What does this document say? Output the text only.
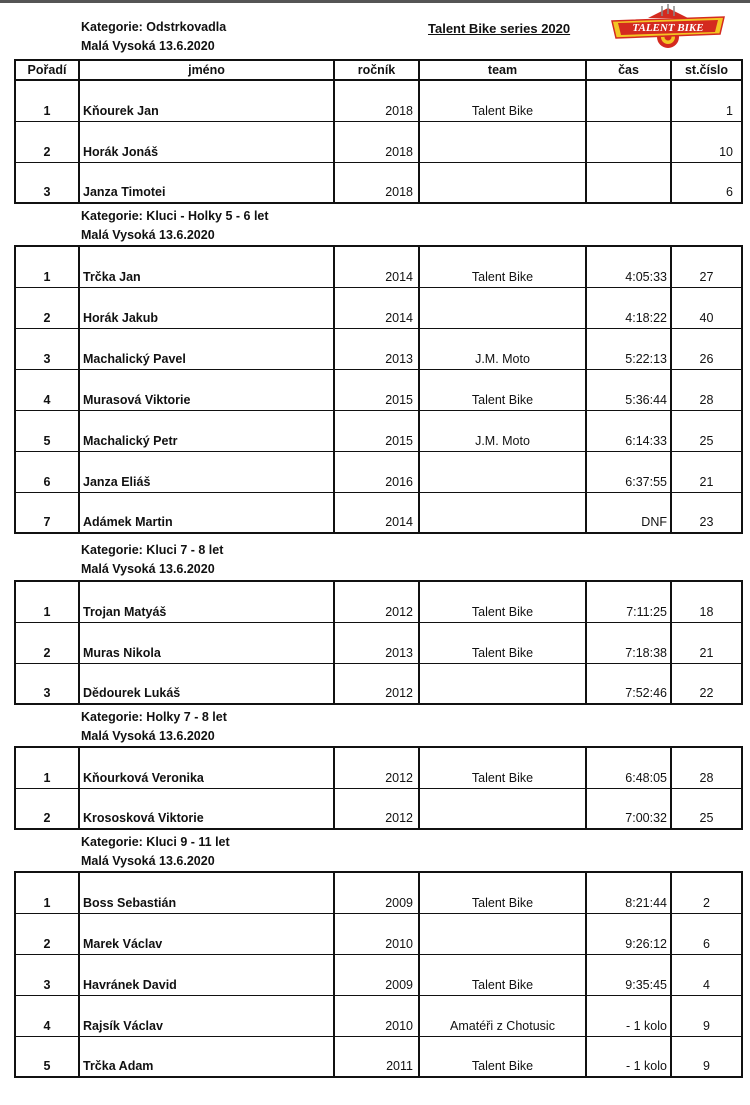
Talent Bike series 2020	TALENT BIKE
Kategorie: Odstrkovadla
Malá Vysoká 13.6.2020
Pořadí	jméno	ročník	team	čas	st.číslo
1	Kňourek Jan	2018	Talent Bike		1
2	Horák Jonáš	2018			10
3	Janza Timotei	2018			6
Kategorie: Kluci - Holky 5 - 6 let
Malá Vysoká 13.6.2020
1	Trčka Jan	2014	Talent Bike	4:05:33	27
2	Horák Jakub	2014		4:18:22	40
3	Machalický Pavel	2013	J.M. Moto	5:22:13	26
4	Murasová Viktorie	2015	Talent Bike	5:36:44	28
5	Machalický Petr	2015	J.M. Moto	6:14:33	25
6	Janza Eliáš	2016		6:37:55	21
7	Adámek Martin	2014		DNF	23
Kategorie: Kluci 7 - 8 let
Malá Vysoká 13.6.2020
1	Trojan Matyáš	2012	Talent Bike	7:11:25	18
2	Muras Nikola	2013	Talent Bike	7:18:38	21
3	Dědourek Lukáš	2012		7:52:46	22
Kategorie: Holky 7 - 8 let
Malá Vysoká 13.6.2020
1	Kňourková Veronika	2012	Talent Bike	6:48:05	28
2	Krososková Viktorie	2012		7:00:32	25
Kategorie: Kluci 9 - 11 let
Malá Vysoká 13.6.2020
1	Boss Sebastián	2009	Talent Bike	8:21:44	2
2	Marek Václav	2010		9:26:12	6
3	Havránek David	2009	Talent Bike	9:35:45	4
4	Rajsík Václav	2010	Amatéři z Chotusic	- 1 kolo	9
5	Trčka Adam	2011	Talent Bike	- 1 kolo	9
